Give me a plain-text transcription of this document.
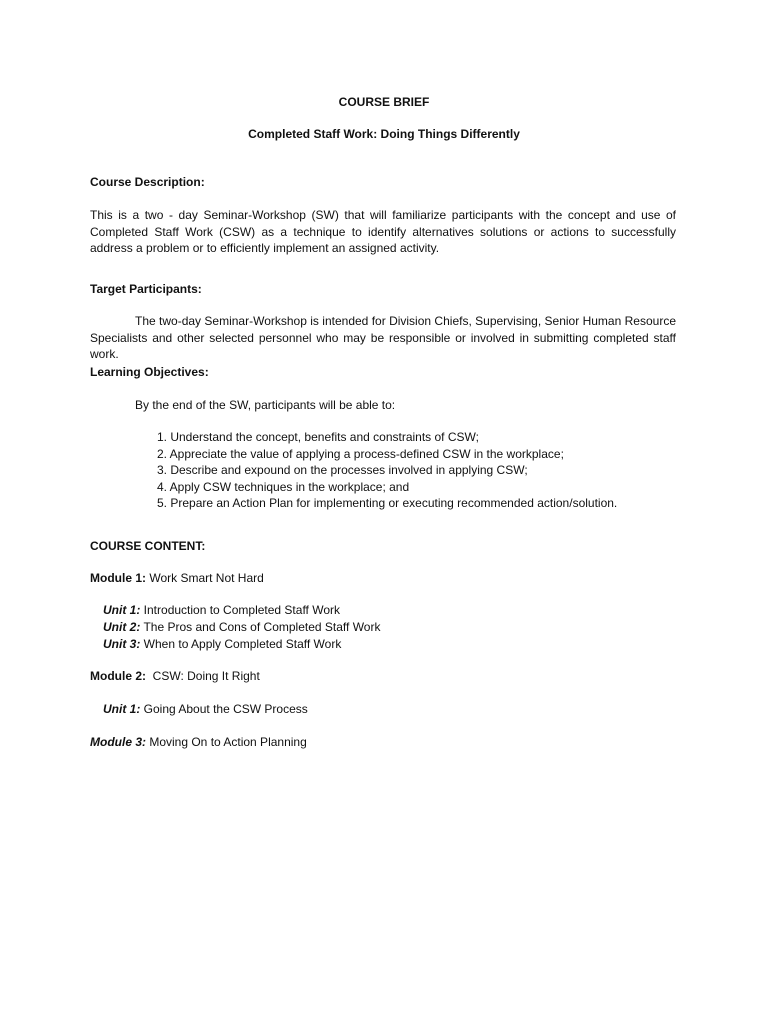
COURSE BRIEF
Completed Staff Work: Doing Things Differently
Course Description:

This is a two - day Seminar-Workshop (SW) that will familiarize participants with the concept and use of Completed Staff Work (CSW) as a technique to identify alternatives solutions or actions to successfully address a problem or to efficiently implement an assigned activity.

Target Participants:

The two-day Seminar-Workshop is intended for Division Chiefs, Supervising, Senior Human Resource Specialists and other selected personnel who may be responsible or involved in submitting completed staff work.

Learning Objectives:
By the end of the SW, participants will be able to:
1. Understand the concept, benefits and constraints of CSW;
2. Appreciate the value of applying a process-defined CSW in the workplace;
3. Describe and expound on the processes involved in applying CSW;
4. Apply CSW techniques in the workplace; and
5. Prepare an Action Plan for implementing or executing recommended action/solution.
COURSE CONTENT:
Module 1: Work Smart Not Hard
Unit 1: Introduction to Completed Staff Work
Unit 2: The Pros and Cons of Completed Staff Work
Unit 3: When to Apply Completed Staff Work
Module 2:  CSW: Doing It Right
Unit 1: Going About the CSW Process
Module 3: Moving On to Action Planning
